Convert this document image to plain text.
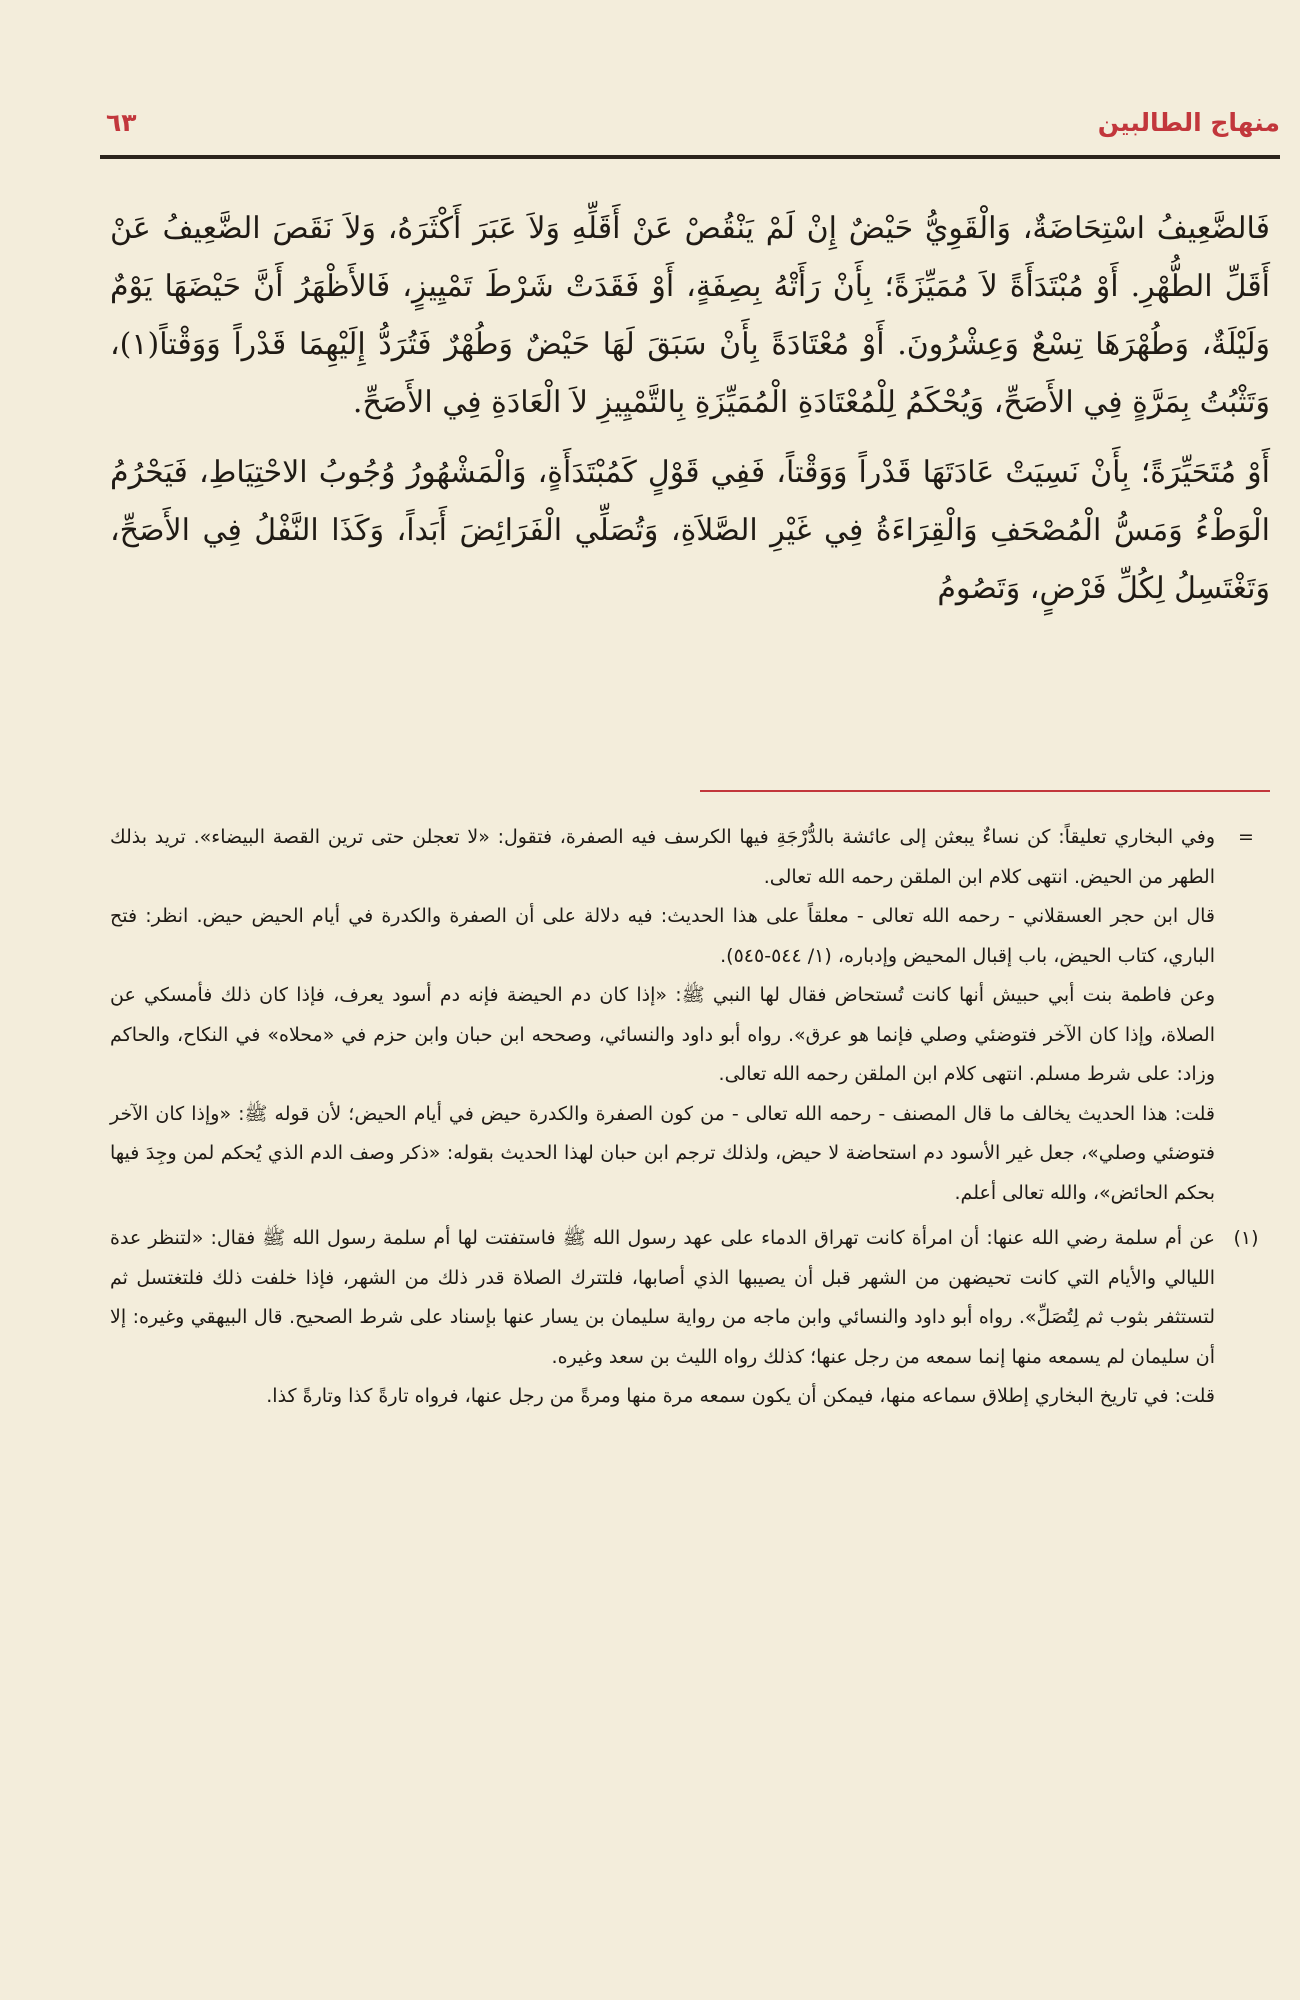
منهاج الطالبين
٦٣

فَالضَّعِيفُ اسْتِحَاضَةٌ، وَالْقَوِيُّ حَيْضٌ إِنْ لَمْ يَنْقُصْ عَنْ أَقَلِّهِ وَلاَ عَبَرَ أَكْثَرَهُ، وَلاَ نَقَصَ الضَّعِيفُ عَنْ أَقَلِّ الطُّهْرِ. أَوْ مُبْتَدَأَةً لاَ مُمَيِّزَةً؛ بِأَنْ رَأَتْهُ بِصِفَةٍ، أَوْ فَقَدَتْ شَرْطَ تَمْيِيزٍ، فَالأَظْهَرُ أَنَّ حَيْضَهَا يَوْمٌ وَلَيْلَةٌ، وَطُهْرَهَا تِسْعٌ وَعِشْرُونَ. أَوْ مُعْتَادَةً بِأَنْ سَبَقَ لَهَا حَيْضٌ وَطُهْرٌ فَتُرَدُّ إِلَيْهِمَا قَدْراً وَوَقْتاً(١)، وَتَثْبُتُ بِمَرَّةٍ فِي الأَصَحِّ، وَيُحْكَمُ لِلْمُعْتَادَةِ الْمُمَيِّزَةِ بِالتَّمْيِيزِ لاَ الْعَادَةِ فِي الأَصَحِّ.

أَوْ مُتَحَيِّرَةً؛ بِأَنْ نَسِيَتْ عَادَتَهَا قَدْراً وَوَقْتاً، فَفِي قَوْلٍ كَمُبْتَدَأَةٍ، وَالْمَشْهُورُ وُجُوبُ الاحْتِيَاطِ، فَيَحْرُمُ الْوَطْءُ وَمَسُّ الْمُصْحَفِ وَالْقِرَاءَةُ فِي غَيْرِ الصَّلاَةِ، وَتُصَلِّي الْفَرَائِضَ أَبَداً، وَكَذَا النَّفْلُ فِي الأَصَحِّ، وَتَغْتَسِلُ لِكُلِّ فَرْضٍ، وَتَصُومُ

=
وفي البخاري تعليقاً: كن نساءٌ يبعثن إلى عائشة بالدُّرْجَةِ فيها الكرسف فيه الصفرة، فتقول: «لا تعجلن حتى ترين القصة البيضاء». تريد بذلك الطهر من الحيض. انتهى كلام ابن الملقن رحمه الله تعالى.
قال ابن حجر العسقلاني - رحمه الله تعالى - معلقاً على هذا الحديث: فيه دلالة على أن الصفرة والكدرة في أيام الحيض حيض. انظر: فتح الباري، كتاب الحيض، باب إقبال المحيض وإدباره، (١/ ٥٤٤-٥٤٥).
وعن فاطمة بنت أبي حبيش أنها كانت تُستحاض فقال لها النبي ﷺ: «إذا كان دم الحيضة فإنه دم أسود يعرف، فإذا كان ذلك فأمسكي عن الصلاة، وإذا كان الآخر فتوضئي وصلي فإنما هو عرق». رواه أبو داود والنسائي، وصححه ابن حبان وابن حزم في «محلاه» في النكاح، والحاكم وزاد: على شرط مسلم. انتهى كلام ابن الملقن رحمه الله تعالى.
قلت: هذا الحديث يخالف ما قال المصنف - رحمه الله تعالى - من كون الصفرة والكدرة حيض في أيام الحيض؛ لأن قوله ﷺ: «وإذا كان الآخر فتوضئي وصلي»، جعل غير الأسود دم استحاضة لا حيض، ولذلك ترجم ابن حبان لهذا الحديث بقوله: «ذكر وصف الدم الذي يُحكم لمن وجِدَ فيها بحكم الحائض»، والله تعالى أعلم.
(١)
عن أم سلمة رضي الله عنها: أن امرأة كانت تهراق الدماء على عهد رسول الله ﷺ فاستفتت لها أم سلمة رسول الله ﷺ فقال: «لتنظر عدة الليالي والأيام التي كانت تحيضهن من الشهر قبل أن يصيبها الذي أصابها، فلتترك الصلاة قدر ذلك من الشهر، فإذا خلفت ذلك فلتغتسل ثم لتستثفر بثوب ثم لِتُصَلِّ». رواه أبو داود والنسائي وابن ماجه من رواية سليمان بن يسار عنها بإسناد على شرط الصحيح. قال البيهقي وغيره: إلا أن سليمان لم يسمعه منها إنما سمعه من رجل عنها؛ كذلك رواه الليث بن سعد وغيره.
قلت: في تاريخ البخاري إطلاق سماعه منها، فيمكن أن يكون سمعه مرة منها ومرةً من رجل عنها، فرواه تارةً كذا وتارةً كذا.
